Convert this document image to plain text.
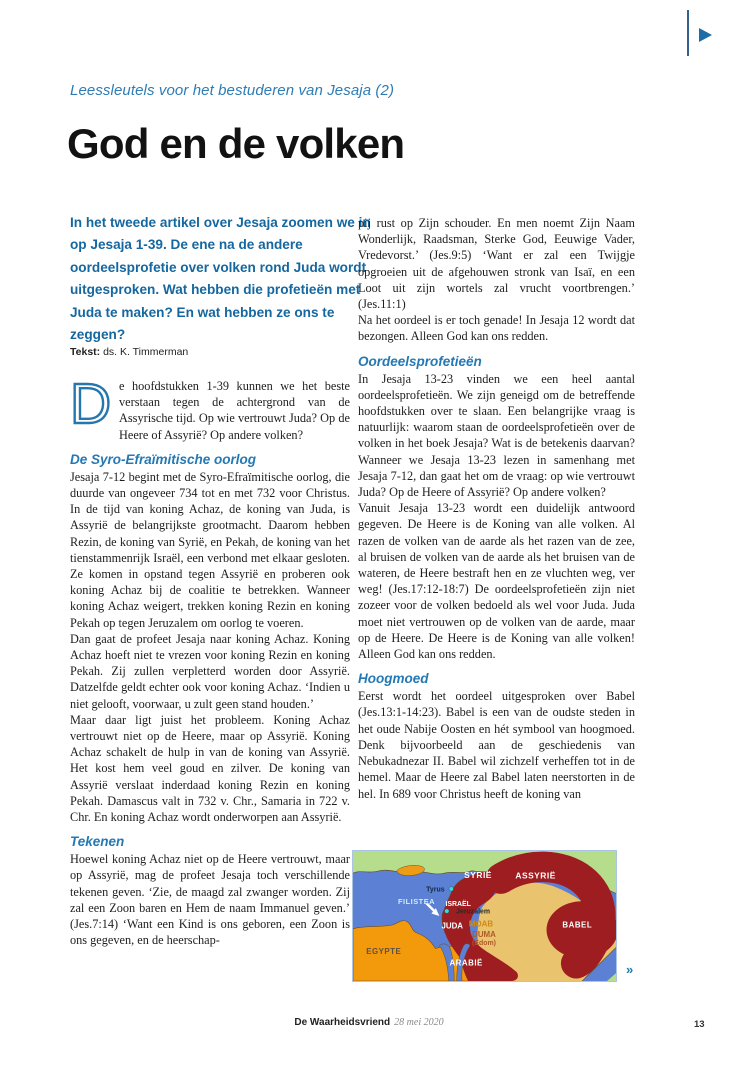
Leessleutels voor het bestuderen van Jesaja (2)
God en de volken
In het tweede artikel over Jesaja zoomen we in op Jesaja 1-39. De ene na de andere oordeelsprofetie over volken rond Juda wordt uitgesproken. Wat hebben die profetieën met Juda te maken? En wat hebben ze ons te zeggen?
Tekst: ds. K. Timmerman

De hoofdstukken 1-39 kunnen we het beste verstaan tegen de achtergrond van de Assyrische tijd. Op wie vertrouwt Juda? Op de Heere of Assyrië? Op andere volken?

De Syro-Efraïmitische oorlog

Jesaja 7-12 begint met de Syro-Efraïmitische oorlog, die duurde van ongeveer 734 tot en met 732 voor Christus. In de tijd van koning Achaz, de koning van Juda, is Assyrië de belangrijkste grootmacht. Daarom hebben Rezin, de koning van Syrië, en Pekah, de koning van het tienstammenrijk Israël, een verbond met elkaar gesloten. Ze komen in opstand tegen Assyrië en proberen ook koning Achaz bij de coalitie te betrekken. Wanneer koning Achaz weigert, trekken koning Rezin en koning Pekah op tegen Jeruzalem om oorlog te voeren.

Dan gaat de profeet Jesaja naar koning Achaz. Koning Achaz hoeft niet te vrezen voor koning Rezin en koning Pekah. Zij zullen verpletterd worden door Assyrië. Datzelfde geldt echter ook voor koning Achaz. ‘Indien u niet gelooft, voorwaar, u zult geen stand houden.’

Maar daar ligt juist het probleem. Koning Achaz vertrouwt niet op de Heere, maar op Assyrië. Koning Achaz schakelt de hulp in van de koning van Assyrië. Het kost hem veel goud en zilver. De koning van Assyrië verslaat inderdaad koning Rezin en koning Pekah. Damascus valt in 732 v. Chr., Samaria in 722 v. Chr. En koning Achaz wordt onderworpen aan Assyrië.

Tekenen

Hoewel koning Achaz niet op de Heere vertrouwt, maar op Assyrië, mag de profeet Jesaja toch verschillende tekenen geven. ‘Zie, de maagd zal zwanger worden. Zij zal een Zoon baren en Hem de naam Immanuel geven.’ (Jes.7:14) ‘Want een Kind is ons geboren, een Zoon is ons gegeven, en de heerschap-

pij rust op Zijn schouder. En men noemt Zijn Naam Wonderlijk, Raadsman, Sterke God, Eeuwige Vader, Vredevorst.’ (Jes.9:5) ‘Want er zal een Twijgje opgroeien uit de afgehouwen stronk van Isaï, en een Loot uit zijn wortels zal vrucht voortbrengen.’ (Jes.11:1)

Na het oordeel is er toch genade! In Jesaja 12 wordt dat bezongen. Alleen God kan ons redden.

Oordeelsprofetieën

In Jesaja 13-23 vinden we een heel aantal oordeelsprofetieën. We zijn geneigd om de betreffende hoofdstukken over te slaan. Een belangrijke vraag is natuurlijk: waarom staan de oordeelsprofetieën over de volken in het boek Jesaja? Wat is de betekenis daarvan? Wanneer we Jesaja 13-23 lezen in samenhang met Jesaja 7-12, dan gaat het om de vraag: op wie vertrouwt Juda? Op de Heere of Assyrië? Op andere volken?

Vanuit Jesaja 13-23 wordt een duidelijk antwoord gegeven. De Heere is de Koning van alle volken. Al razen de volken van de aarde als het razen van de zee, al bruisen de volken van de aarde als het bruisen van de wateren, de Heere bestraft hen en ze vluchten weg, ver weg! (Jes.17:12-18:7) De oordeelsprofetieën zijn niet zozeer voor de volken bedoeld als wel voor Juda. Juda moet niet vertrouwen op de volken van de aarde, maar op de Heere. De Heere is de Koning van alle volken! Alleen God kan ons redden.

Hoogmoed

Eerst wordt het oordeel uitgesproken over Babel (Jes.13:1-14:23). Babel is een van de oudste steden in het oude Nabije Oosten en hét symbool van hoogmoed. Denk bijvoorbeeld aan de geschiedenis van Nebukadnezar II. Babel wil zichzelf verheffen tot in de hemel. Maar de Heere zal Babel laten neerstorten in de hel. In 689 voor Christus heeft de koning van

SYRIË ASSYRIË
Tyrus
FILISTEA ISRAËL
Jeruzalem
JUDA MOAB
DUMA
(Edom)
EGYPTE
ARABIË
BABEL
»
De Waarheidsvriend 28 mei 2020	13
